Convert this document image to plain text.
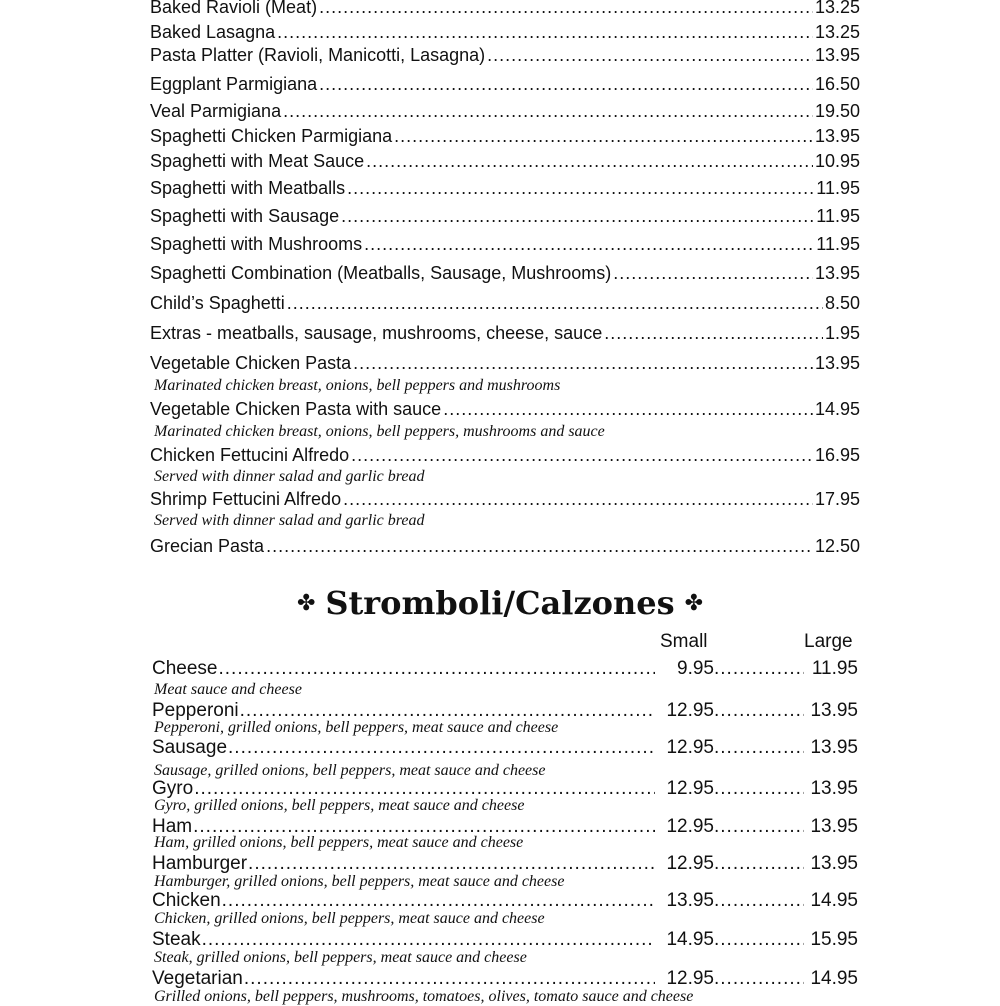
Baked Ravioli (Meat) .....	13.25
Baked Lasagna .....	13.25
Pasta Platter (Ravioli, Manicotti, Lasagna) .....	13.95
Eggplant Parmigiana .....	16.50
Veal Parmigiana .....	19.50
Spaghetti Chicken Parmigiana .....	13.95
Spaghetti with Meat Sauce .....	10.95
Spaghetti with Meatballs .....	11.95
Spaghetti with Sausage .....	11.95
Spaghetti with Mushrooms .....	11.95
Spaghetti Combination (Meatballs, Sausage, Mushrooms) .....	13.95
Child’s Spaghetti .....	8.50
Extras - meatballs, sausage, mushrooms, cheese, sauce .....	1.95
Vegetable Chicken Pasta .....	13.95
Marinated chicken breast, onions, bell peppers and mushrooms
Vegetable Chicken Pasta with sauce .....	14.95
Marinated chicken breast, onions, bell peppers, mushrooms and sauce
Chicken Fettucini Alfredo .....	16.95
Served with dinner salad and garlic bread
Shrimp Fettucini Alfredo .....	17.95
Served with dinner salad and garlic bread
Grecian Pasta .....	12.50
✤ Stromboli/Calzones ✤
Small	Large
Cheese .....	9.95 .....	11.95
Meat sauce and cheese
Pepperoni .....	12.95 .....	13.95
Pepperoni, grilled onions, bell peppers, meat sauce and cheese
Sausage .....	12.95 .....	13.95
Sausage, grilled onions, bell peppers, meat sauce and cheese
Gyro .....	12.95 .....	13.95
Gyro, grilled onions, bell peppers, meat sauce and cheese
Ham .....	12.95 .....	13.95
Ham, grilled onions, bell peppers, meat sauce and cheese
Hamburger .....	12.95 .....	13.95
Hamburger, grilled onions, bell peppers, meat sauce and cheese
Chicken .....	13.95 .....	14.95
Chicken, grilled onions, bell peppers, meat sauce and cheese
Steak .....	14.95 .....	15.95
Steak, grilled onions, bell peppers, meat sauce and cheese
Vegetarian .....	12.95 .....	14.95
Grilled onions, bell peppers, mushrooms, tomatoes, olives, tomato sauce and cheese
